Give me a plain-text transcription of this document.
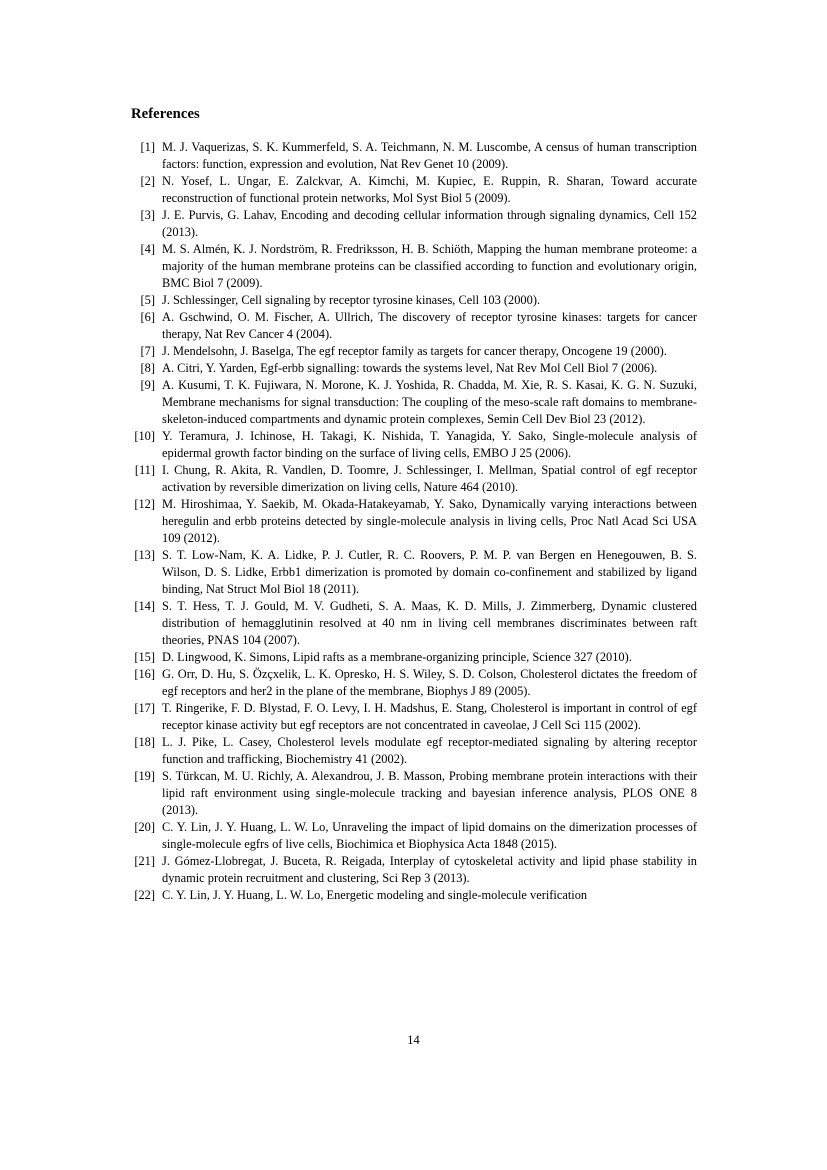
References
[1] M. J. Vaquerizas, S. K. Kummerfeld, S. A. Teichmann, N. M. Luscombe, A census of human transcription factors: function, expression and evolution, Nat Rev Genet 10 (2009).
[2] N. Yosef, L. Ungar, E. Zalckvar, A. Kimchi, M. Kupiec, E. Ruppin, R. Sharan, Toward accurate reconstruction of functional protein networks, Mol Syst Biol 5 (2009).
[3] J. E. Purvis, G. Lahav, Encoding and decoding cellular information through signaling dynamics, Cell 152 (2013).
[4] M. S. Almén, K. J. Nordström, R. Fredriksson, H. B. Schiöth, Mapping the human membrane proteome: a majority of the human membrane proteins can be classified according to function and evolutionary origin, BMC Biol 7 (2009).
[5] J. Schlessinger, Cell signaling by receptor tyrosine kinases, Cell 103 (2000).
[6] A. Gschwind, O. M. Fischer, A. Ullrich, The discovery of receptor tyrosine kinases: targets for cancer therapy, Nat Rev Cancer 4 (2004).
[7] J. Mendelsohn, J. Baselga, The egf receptor family as targets for cancer therapy, Oncogene 19 (2000).
[8] A. Citri, Y. Yarden, Egf-erbb signalling: towards the systems level, Nat Rev Mol Cell Biol 7 (2006).
[9] A. Kusumi, T. K. Fujiwara, N. Morone, K. J. Yoshida, R. Chadda, M. Xie, R. S. Kasai, K. G. N. Suzuki, Membrane mechanisms for signal transduction: The coupling of the meso-scale raft domains to membrane-skeleton-induced compartments and dynamic protein complexes, Semin Cell Dev Biol 23 (2012).
[10] Y. Teramura, J. Ichinose, H. Takagi, K. Nishida, T. Yanagida, Y. Sako, Single-molecule analysis of epidermal growth factor binding on the surface of living cells, EMBO J 25 (2006).
[11] I. Chung, R. Akita, R. Vandlen, D. Toomre, J. Schlessinger, I. Mellman, Spatial control of egf receptor activation by reversible dimerization on living cells, Nature 464 (2010).
[12] M. Hiroshimaa, Y. Saekib, M. Okada-Hatakeyamab, Y. Sako, Dynamically varying interactions between heregulin and erbb proteins detected by single-molecule analysis in living cells, Proc Natl Acad Sci USA 109 (2012).
[13] S. T. Low-Nam, K. A. Lidke, P. J. Cutler, R. C. Roovers, P. M. P. van Bergen en Henegouwen, B. S. Wilson, D. S. Lidke, Erbb1 dimerization is promoted by domain co-confinement and stabilized by ligand binding, Nat Struct Mol Biol 18 (2011).
[14] S. T. Hess, T. J. Gould, M. V. Gudheti, S. A. Maas, K. D. Mills, J. Zimmerberg, Dynamic clustered distribution of hemagglutinin resolved at 40 nm in living cell membranes discriminates between raft theories, PNAS 104 (2007).
[15] D. Lingwood, K. Simons, Lipid rafts as a membrane-organizing principle, Science 327 (2010).
[16] G. Orr, D. Hu, S. Özçxelik, L. K. Opresko, H. S. Wiley, S. D. Colson, Cholesterol dictates the freedom of egf receptors and her2 in the plane of the membrane, Biophys J 89 (2005).
[17] T. Ringerike, F. D. Blystad, F. O. Levy, I. H. Madshus, E. Stang, Cholesterol is important in control of egf receptor kinase activity but egf receptors are not concentrated in caveolae, J Cell Sci 115 (2002).
[18] L. J. Pike, L. Casey, Cholesterol levels modulate egf receptor-mediated signaling by altering receptor function and trafficking, Biochemistry 41 (2002).
[19] S. Türkcan, M. U. Richly, A. Alexandrou, J. B. Masson, Probing membrane protein interactions with their lipid raft environment using single-molecule tracking and bayesian inference analysis, PLOS ONE 8 (2013).
[20] C. Y. Lin, J. Y. Huang, L. W. Lo, Unraveling the impact of lipid domains on the dimerization processes of single-molecule egfrs of live cells, Biochimica et Biophysica Acta 1848 (2015).
[21] J. Gómez-Llobregat, J. Buceta, R. Reigada, Interplay of cytoskeletal activity and lipid phase stability in dynamic protein recruitment and clustering, Sci Rep 3 (2013).
[22] C. Y. Lin, J. Y. Huang, L. W. Lo, Energetic modeling and single-molecule verification
14
